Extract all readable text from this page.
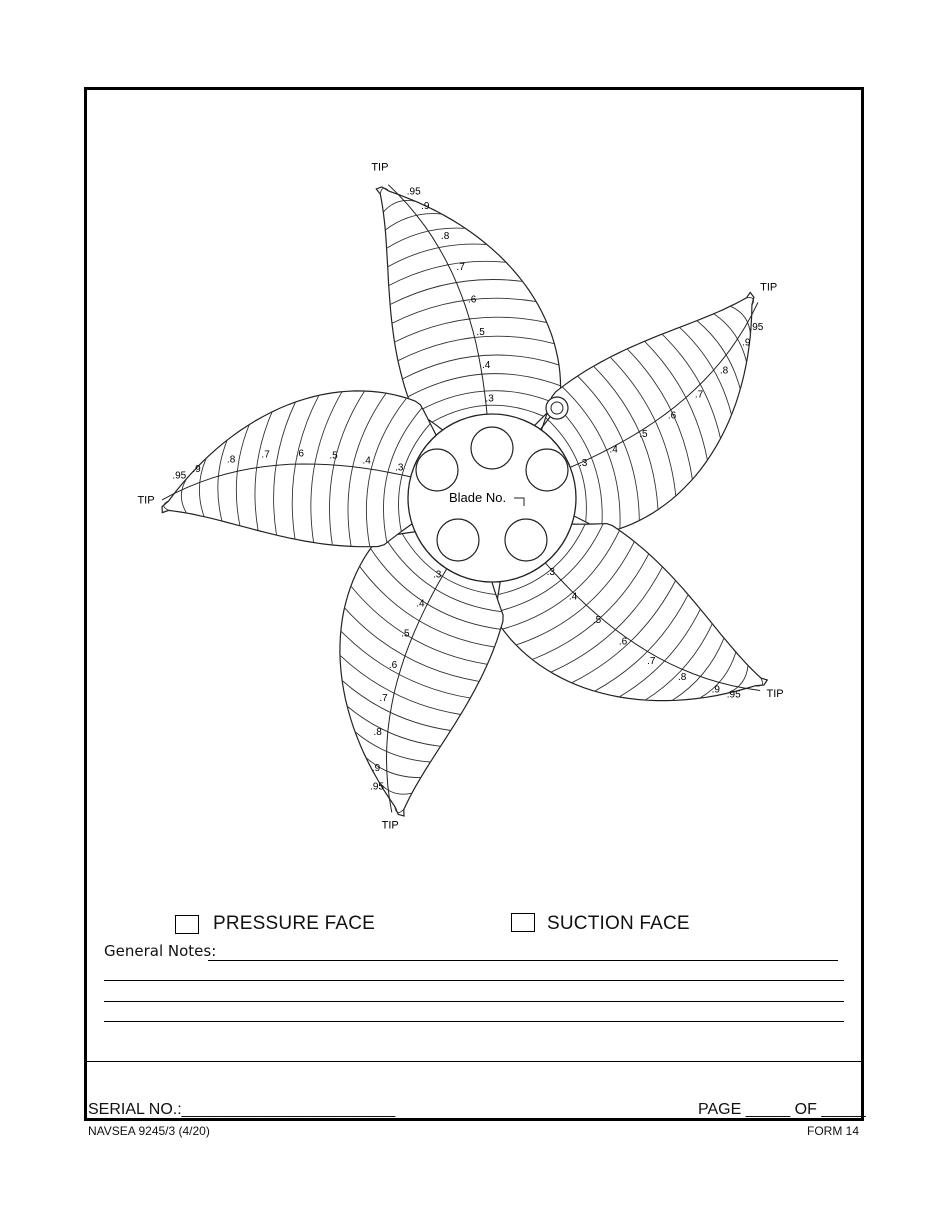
.3
.4
.5
.6
.7
.8
.9
.95
TIP
.3
.4
.5
.6
.7
.8
.9
.95
TIP
.3
.4
.5
.6
.7
.8
.9 .95 TIP
.3
.4
.5
.6
.7
.8
.9
.95
TIP
.3
.4
.5
.6
.7
.8
.9
.95
TIP	Blade No.
PRESSURE FACE	SUCTION FACE
General Notes:
SERIAL NO.:________________________	PAGE _____ OF _____
NAVSEA 9245/3 (4/20)	FORM 14
